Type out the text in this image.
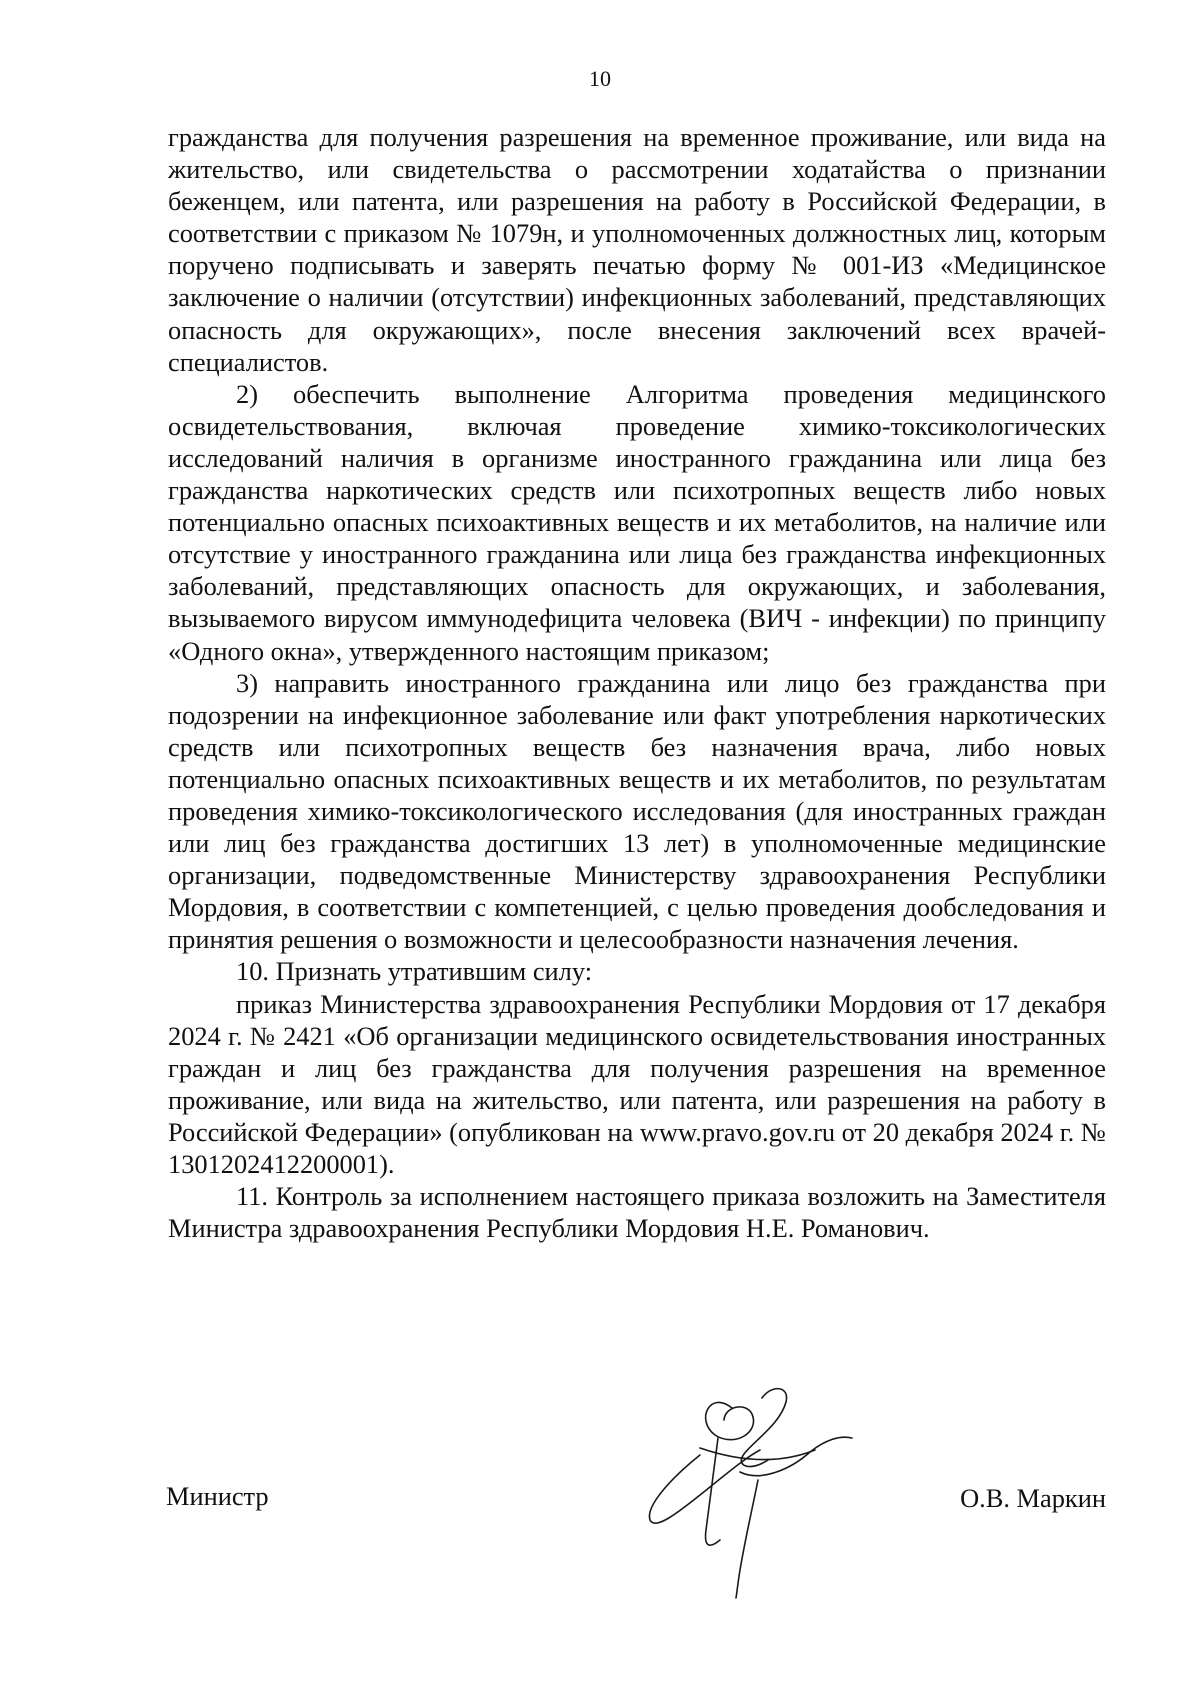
10

гражданства для получения разрешения на временное проживание, или вида на жительство, или свидетельства о рассмотрении ходатайства о признании беженцем, или патента, или разрешения на работу в Российской Федерации, в соответствии с приказом № 1079н, и уполномоченных должностных лиц, которым поручено подписывать и заверять печатью форму № 001-ИЗ «Медицинское заключение о наличии (отсутствии) инфекционных заболеваний, представляющих опасность для окружающих», после внесения заключений всех врачей-специалистов.

2) обеспечить выполнение Алгоритма проведения медицинского освидетельствования, включая проведение химико-токсикологических исследований наличия в организме иностранного гражданина или лица без гражданства наркотических средств или психотропных веществ либо новых потенциально опасных психоактивных веществ и их метаболитов, на наличие или отсутствие у иностранного гражданина или лица без гражданства инфекционных заболеваний, представляющих опасность для окружающих, и заболевания, вызываемого вирусом иммунодефицита человека (ВИЧ - инфекции) по принципу «Одного окна», утвержденного настоящим приказом;

3) направить иностранного гражданина или лицо без гражданства при подозрении на инфекционное заболевание или факт употребления наркотических средств или психотропных веществ без назначения врача, либо новых потенциально опасных психоактивных веществ и их метаболитов, по результатам проведения химико-токсикологического исследования (для иностранных граждан или лиц без гражданства достигших 13 лет) в уполномоченные медицинские организации, подведомственные Министерству здравоохранения Республики Мордовия, в соответствии с компетенцией, с целью проведения дообследования и принятия решения о возможности и целесообразности назначения лечения.

10. Признать утратившим силу:

приказ Министерства здравоохранения Республики Мордовия от 17 декабря 2024 г. № 2421 «Об организации медицинского освидетельствования иностранных граждан и лиц без гражданства для получения разрешения на временное проживание, или вида на жительство, или патента, или разрешения на работу в Российской Федерации» (опубликован на www.pravo.gov.ru от 20 декабря 2024 г. № 1301202412200001).

11. Контроль за исполнением настоящего приказа возложить на Заместителя Министра здравоохранения Республики Мордовия Н.Е. Романович.

Министр	О.В. Маркин
